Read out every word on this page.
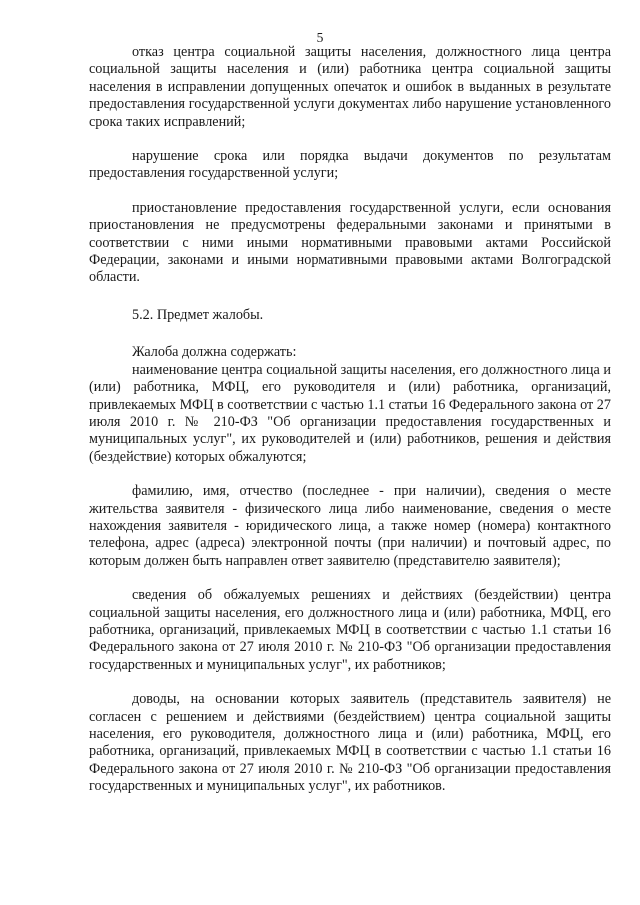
5

отказ центра социальной защиты населения, должностного лица центра социальной защиты населения и (или) работника центра социальной защиты населения в исправлении допущенных опечаток и ошибок в выданных в результате предоставления государственной услуги документах либо нарушение установленного срока таких исправлений;

нарушение срока или порядка выдачи документов по результатам предоставления государственной услуги;

приостановление предоставления государственной услуги, если основания приостановления не предусмотрены федеральными законами и принятыми в соответствии с ними иными нормативными правовыми актами Российской Федерации, законами и иными нормативными правовыми актами Волгоградской области.

5.2. Предмет жалобы.

Жалоба должна содержать:

наименование центра социальной защиты населения, его должностного лица и (или) работника, МФЦ, его руководителя и (или) работника, организаций, привлекаемых МФЦ в соответствии с частью 1.1 статьи 16 Федерального закона от 27 июля 2010 г. № 210-ФЗ "Об организации предоставления государственных и муниципальных услуг", их руководителей и (или) работников, решения и действия (бездействие) которых обжалуются;

фамилию, имя, отчество (последнее - при наличии), сведения о месте жительства заявителя - физического лица либо наименование, сведения о месте нахождения заявителя - юридического лица, а также номер (номера) контактного телефона, адрес (адреса) электронной почты (при наличии) и почтовый адрес, по которым должен быть направлен ответ заявителю (представителю заявителя);

сведения об обжалуемых решениях и действиях (бездействии) центра социальной защиты населения, его должностного лица и (или) работника, МФЦ, его работника, организаций, привлекаемых МФЦ в соответствии с частью 1.1 статьи 16 Федерального закона от 27 июля 2010 г. № 210-ФЗ "Об организации предоставления государственных и муниципальных услуг", их работников;

доводы, на основании которых заявитель (представитель заявителя) не согласен с решением и действиями (бездействием) центра социальной защиты населения, его руководителя, должностного лица и (или) работника, МФЦ, его работника, организаций, привлекаемых МФЦ в соответствии с частью 1.1 статьи 16 Федерального закона от 27 июля 2010 г. № 210-ФЗ "Об организации предоставления государственных и муниципальных услуг", их работников.
